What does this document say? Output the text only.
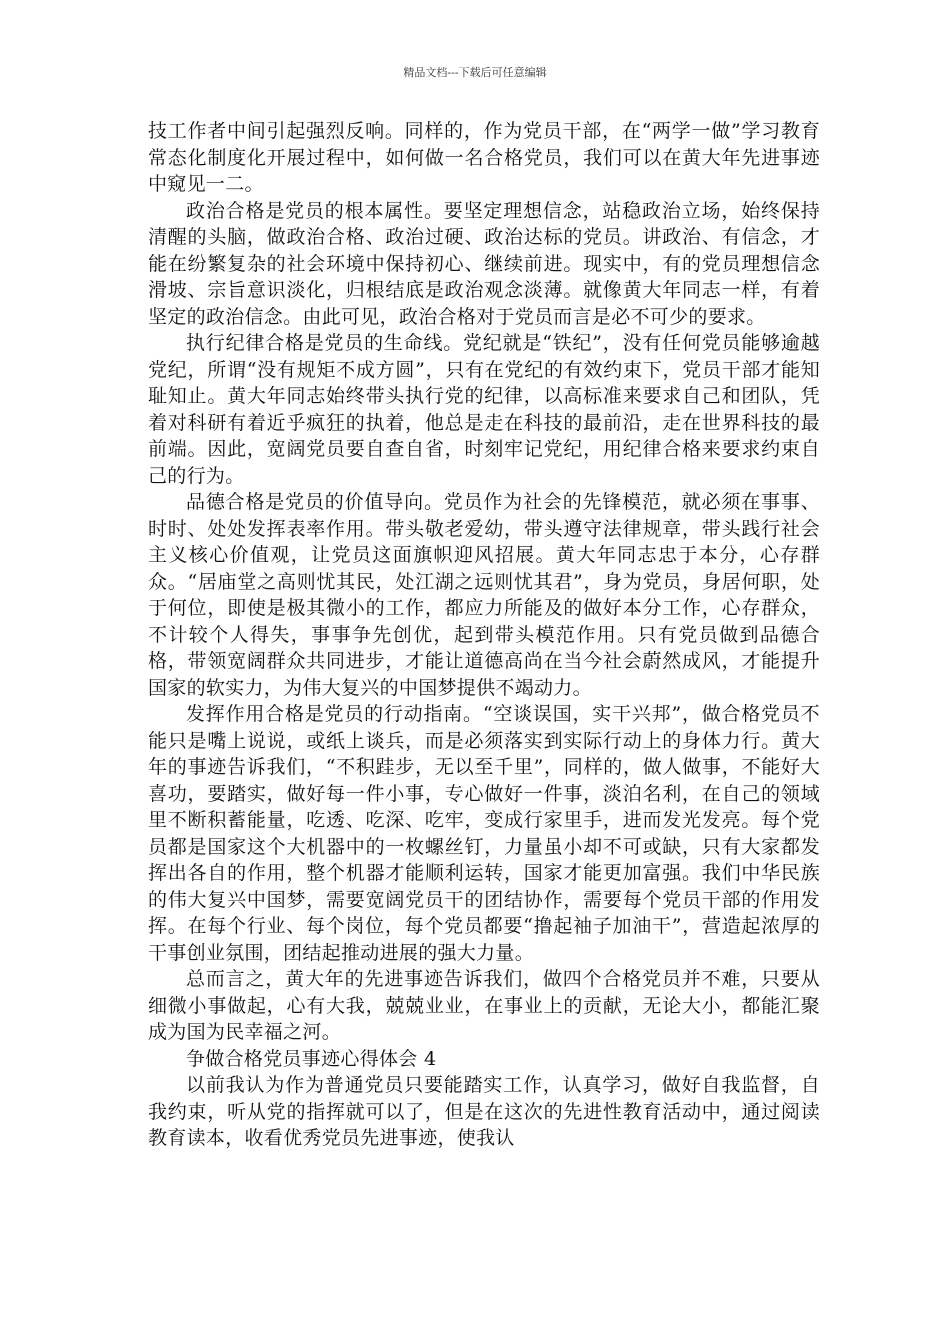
精品文档---下载后可任意编辑

技工作者中间引起强烈反响。同样的，作为党员干部，在“两学一做”学习教育常态化制度化开展过程中，如何做一名合格党员，我们可以在黄大年先进事迹中窥见一二。

政治合格是党员的根本属性。要坚定理想信念，站稳政治立场，始终保持清醒的头脑，做政治合格、政治过硬、政治达标的党员。讲政治、有信念，才能在纷繁复杂的社会环境中保持初心、继续前进。现实中，有的党员理想信念滑坡、宗旨意识淡化，归根结底是政治观念淡薄。就像黄大年同志一样，有着坚定的政治信念。由此可见，政治合格对于党员而言是必不可少的要求。

执行纪律合格是党员的生命线。党纪就是“铁纪”，没有任何党员能够逾越党纪，所谓“没有规矩不成方圆”，只有在党纪的有效约束下，党员干部才能知耻知止。黄大年同志始终带头执行党的纪律，以高标准来要求自己和团队，凭着对科研有着近乎疯狂的执着，他总是走在科技的最前沿，走在世界科技的最前端。因此，宽阔党员要自查自省，时刻牢记党纪，用纪律合格来要求约束自己的行为。

品德合格是党员的价值导向。党员作为社会的先锋模范，就必须在事事、时时、处处发挥表率作用。带头敬老爱幼，带头遵守法律规章，带头践行社会主义核心价值观，让党员这面旗帜迎风招展。黄大年同志忠于本分，心存群众。“居庙堂之高则忧其民，处江湖之远则忧其君”，身为党员，身居何职，处于何位，即使是极其微小的工作，都应力所能及的做好本分工作，心存群众，不计较个人得失，事事争先创优，起到带头模范作用。只有党员做到品德合格，带领宽阔群众共同进步，才能让道德高尚在当今社会蔚然成风，才能提升国家的软实力，为伟大复兴的中国梦提供不竭动力。

发挥作用合格是党员的行动指南。“空谈误国，实干兴邦”，做合格党员不能只是嘴上说说，或纸上谈兵，而是必须落实到实际行动上的身体力行。黄大年的事迹告诉我们，“不积跬步，无以至千里”，同样的，做人做事，不能好大喜功，要踏实，做好每一件小事，专心做好一件事，淡泊名利，在自己的领域里不断积蓄能量，吃透、吃深、吃牢，变成行家里手，进而发光发亮。每个党员都是国家这个大机器中的一枚螺丝钉，力量虽小却不可或缺，只有大家都发挥出各自的作用，整个机器才能顺利运转，国家才能更加富强。我们中华民族的伟大复兴中国梦，需要宽阔党员干的团结协作，需要每个党员干部的作用发挥。在每个行业、每个岗位，每个党员都要“撸起袖子加油干”，营造起浓厚的干事创业氛围，团结起推动进展的强大力量。

总而言之，黄大年的先进事迹告诉我们，做四个合格党员并不难，只要从细微小事做起，心有大我，兢兢业业，在事业上的贡献，无论大小，都能汇聚成为国为民幸福之河。

争做合格党员事迹心得体会 4

以前我认为作为普通党员只要能踏实工作，认真学习，做好自我监督，自我约束，听从党的指挥就可以了，但是在这次的先进性教育活动中，通过阅读教育读本，收看优秀党员先进事迹，使我认
